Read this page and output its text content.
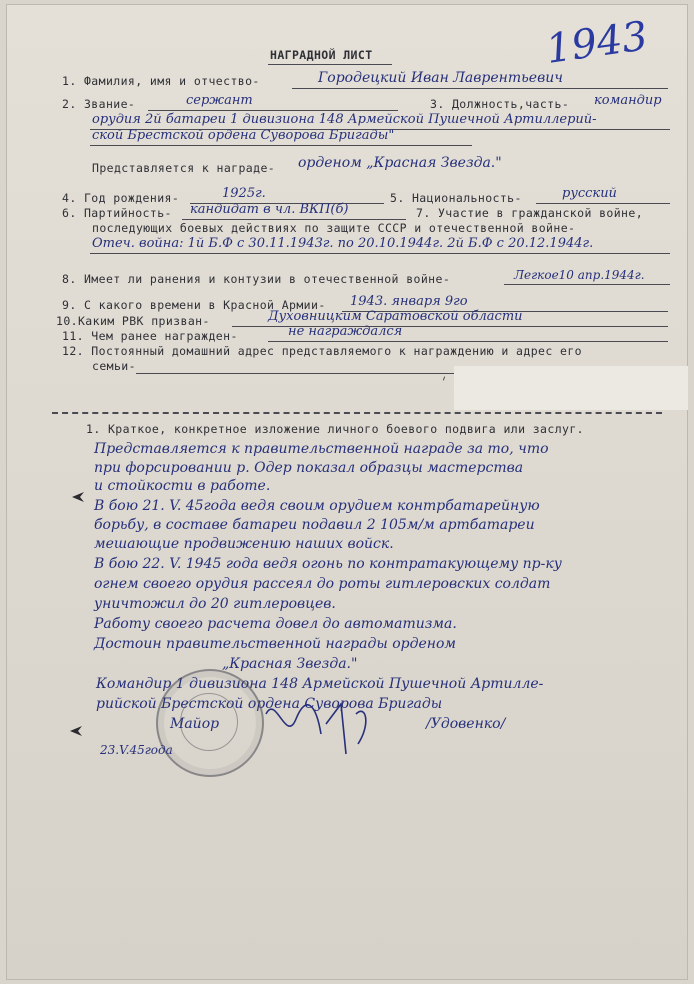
1943
НАГРАДНОЙ ЛИСТ
1. Фамилия, имя и отчество-	Городецкий Иван Лаврентьевич
2. Звание-	сержант	3. Должность,часть- командир
орудия 2й батареи 1 дивизиона 148 Армейской Пушечной Артиллерий-
ской Брестской ордена Суворова Бригады"
Представляется к награде- орденом „Красная Звезда."
4. Год рождения-	1925г.	5. Национальность-	русский
6. Партийность- кандидат в чл. ВКП(б)	7. Участие в гражданской войне,
последующих боевых действиях по защите СССР и отечественной войне-
Отеч. война: 1й Б.Ф с 30.11.1943г. по 20.10.1944г. 2й Б.Ф с 20.12.1944г.
8. Имеет ли ранения и контузии в отечественной войне-	Легкое10 апр.1944г.
9. С какого времени в Красной Армии- 1943. января 9го
10.Каким РВК призван-	Духовницким Саратовской области
11. Чем ранее награжден-	не награждался
12. Постоянный домашний адрес представляемого к награждению и адрес его
семьи-
1. Краткое, конкретное изложение личного боевого подвига или заслуг.
Представляется к правительственной награде за то, что
при форсировании р. Одер показал образцы мастерства
и стойкости в работе.
В бою 21. V. 45года ведя своим орудием контрбатарейную
борьбу, в составе батареи подавил 2 105м/м артбатареи
мешающие продвижению наших войск.
В бою 22. V. 1945 года ведя огонь по контратакующему пр-ку
огнем своего орудия рассеял до роты гитлеровских солдат
уничтожил до 20 гитлеровцев.
Работу своего расчета довел до автоматизма.
Достоин правительственной награды орденом
„Красная Звезда."
Командир 1 дивизиона 148 Армейской Пушечной Артилле-
рийской Брестской ордена Суворова Бригады
Майор	/Удовенко/
23.V.45года
